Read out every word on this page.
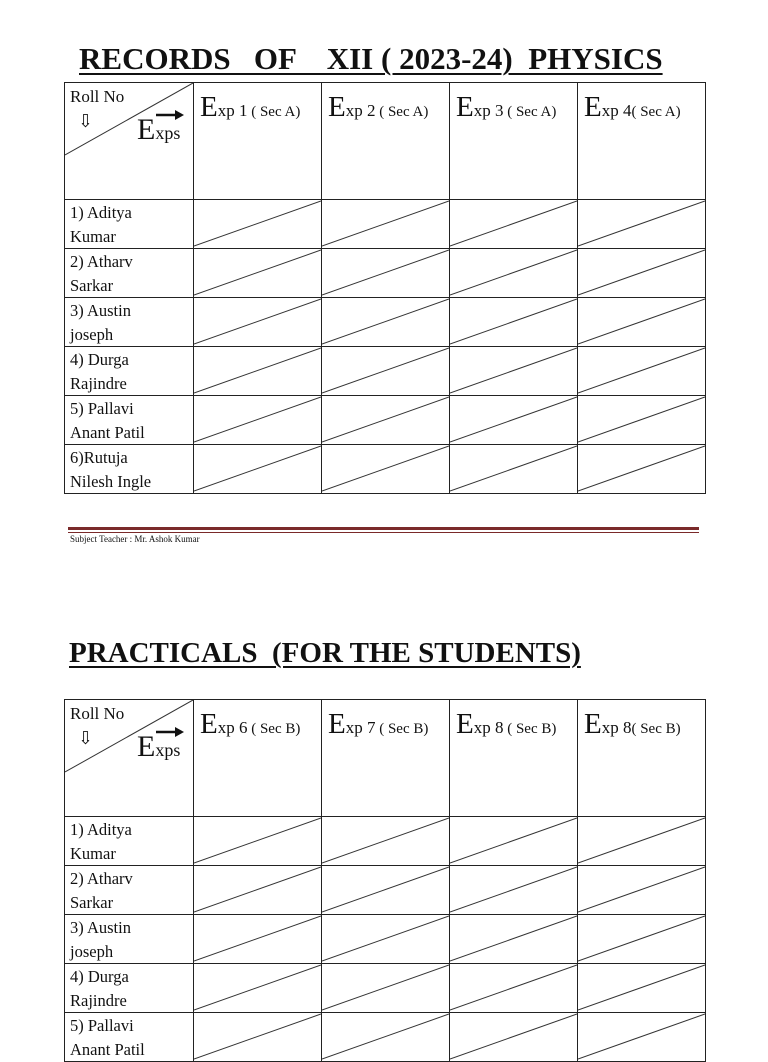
RECORDS   OF    XII ( 2023-24)  PHYSICS
Roll No
⇩ Exps	Exp 1 ( Sec A)	Exp 2 ( Sec A)	Exp 3 ( Sec A)	Exp 4( Sec A)

1) Aditya
Kumar

2) Atharv
Sarkar

3) Austin
joseph

4) Durga
Rajindre

5) Pallavi
Anant Patil

6)Rutuja
Nilesh Ingle

Subject Teacher : Mr. Ashok Kumar
PRACTICALS  (FOR THE STUDENTS)
Roll No
⇩ Exps	Exp 6 ( Sec B)	Exp 7 ( Sec B)	Exp 8 ( Sec B)	Exp 8( Sec B)

1) Aditya
Kumar

2) Atharv
Sarkar

3) Austin
joseph

4) Durga
Rajindre

5) Pallavi
Anant Patil
